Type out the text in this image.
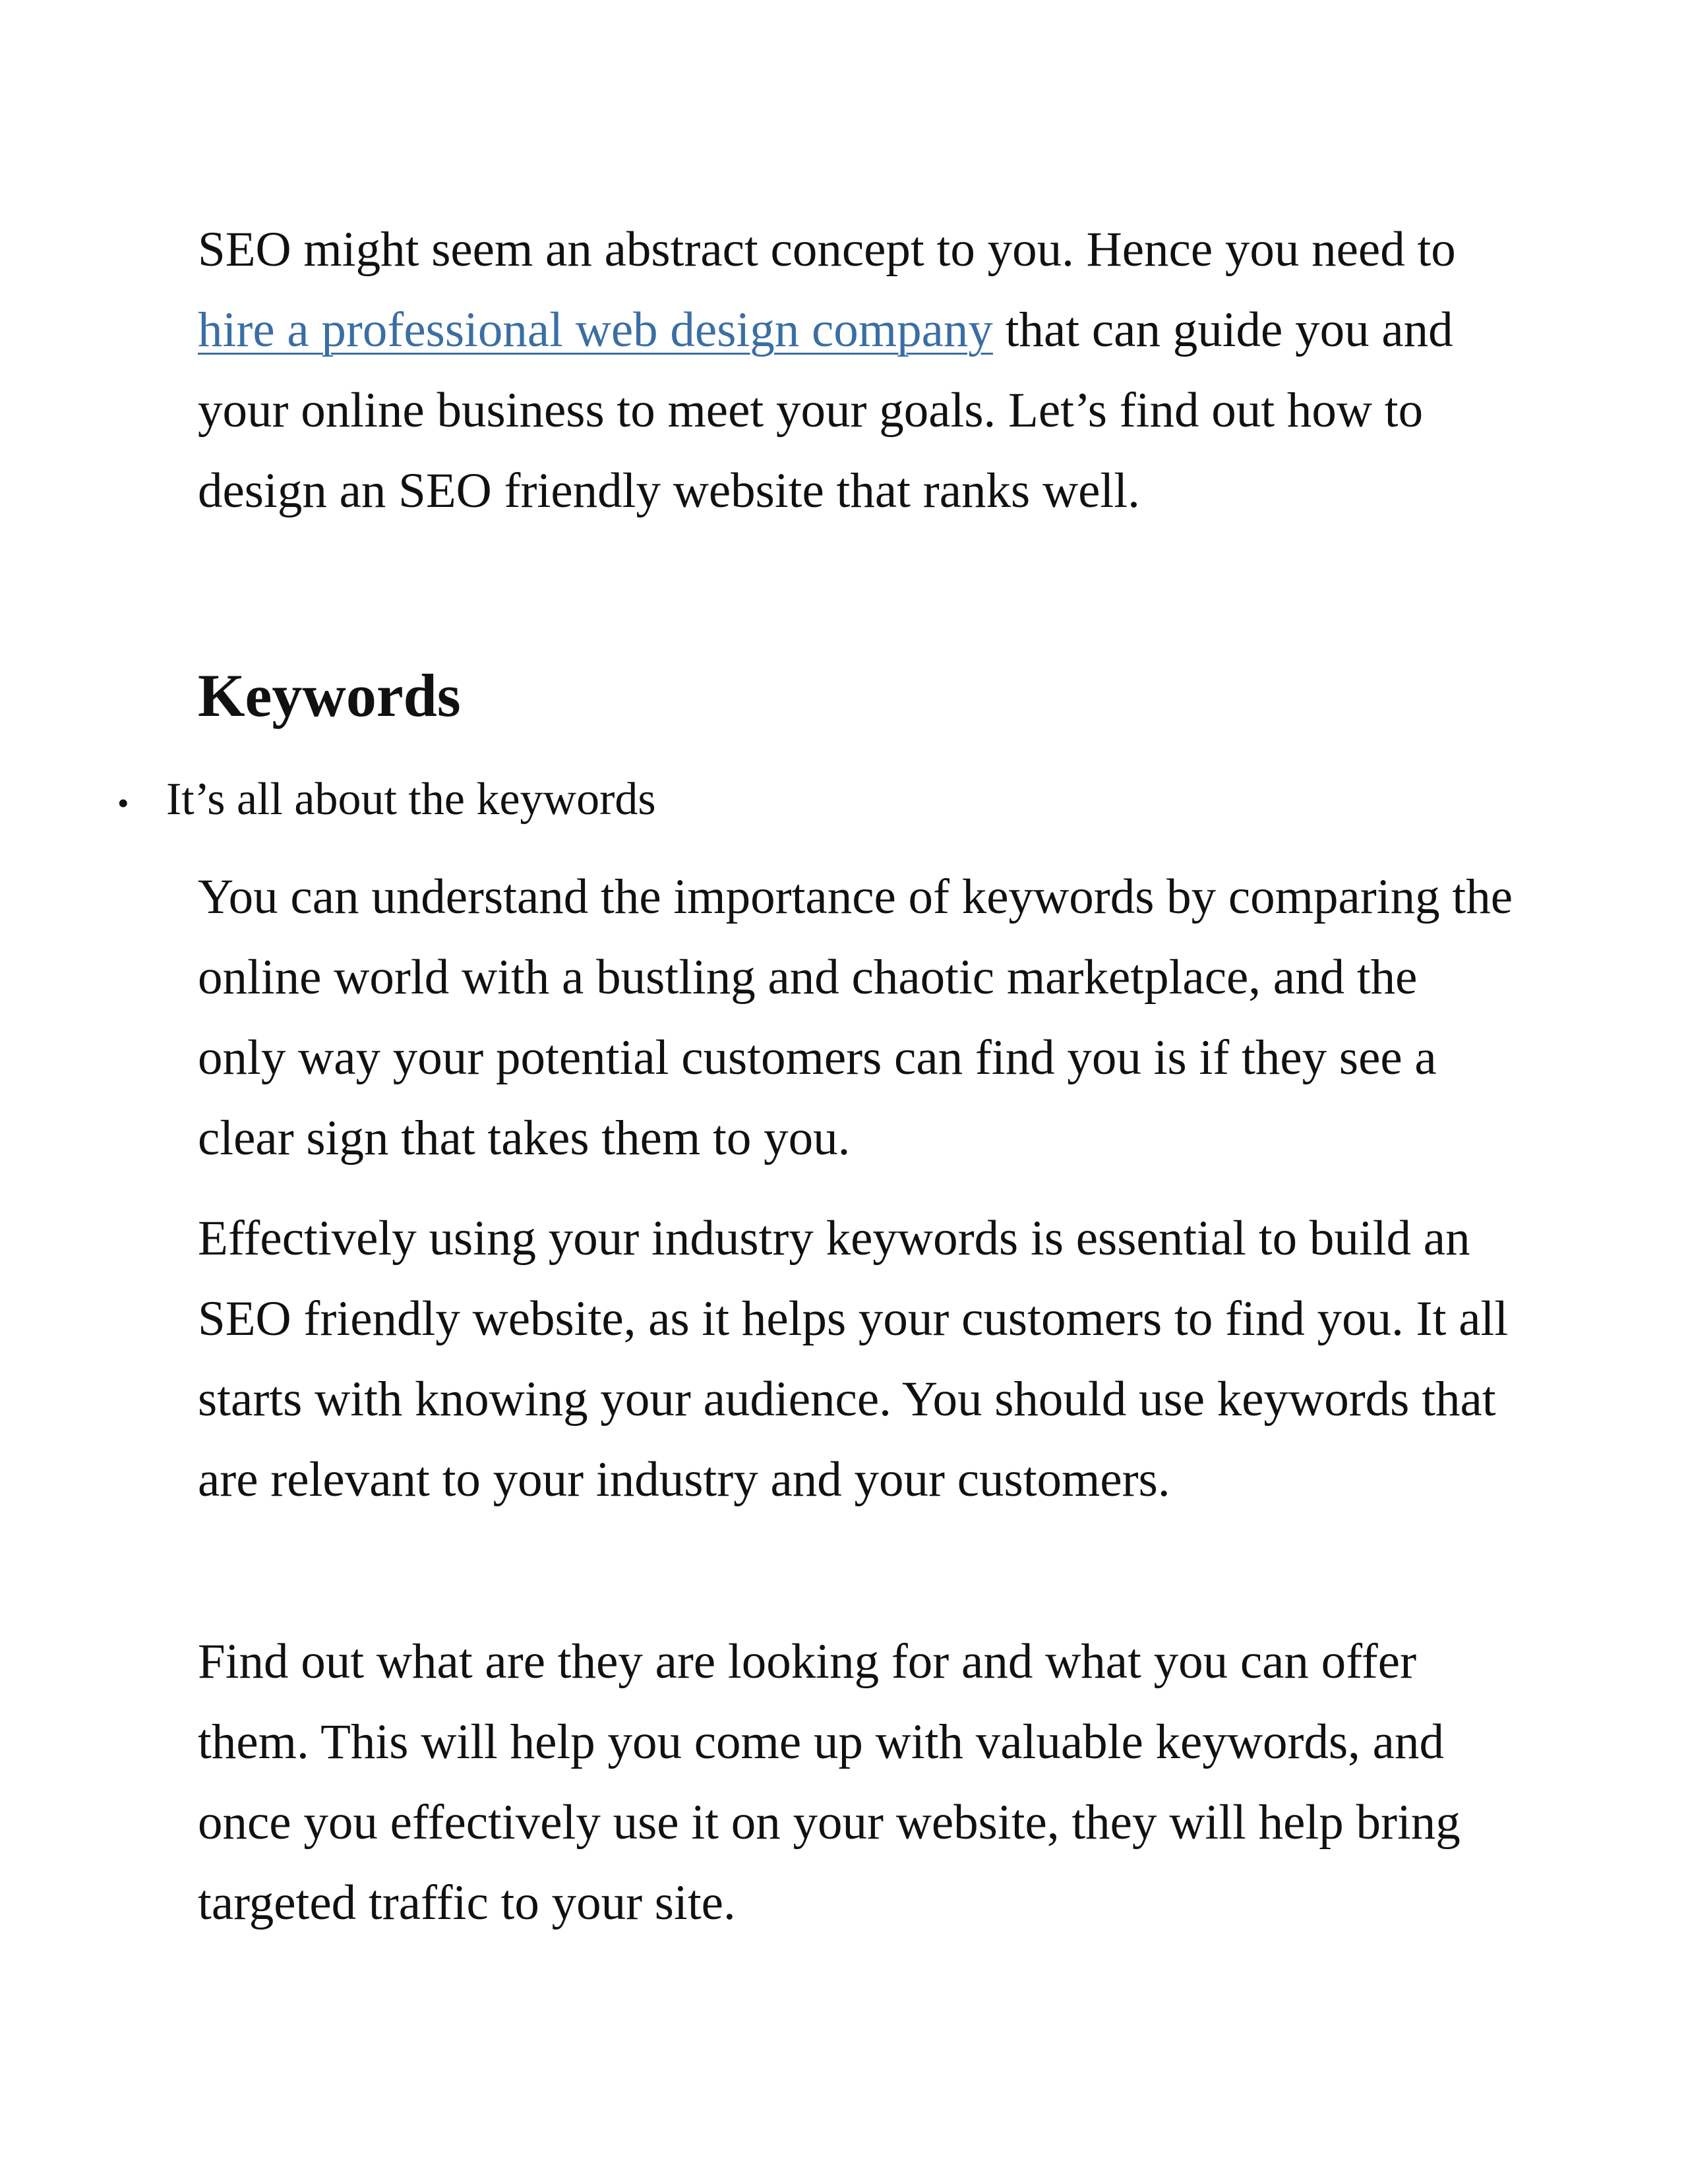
SEO might seem an abstract concept to you. Hence you need to hire a professional web design company that can guide you and your online business to meet your goals. Let’s find out how to design an SEO friendly website that ranks well.

Keywords
• It’s all about the keywords

You can understand the importance of keywords by comparing the online world with a bustling and chaotic marketplace, and the only way your potential customers can find you is if they see a clear sign that takes them to you.

Effectively using your industry keywords is essential to build an SEO friendly website, as it helps your customers to find you. It all starts with knowing your audience. You should use keywords that are relevant to your industry and your customers.

Find out what are they are looking for and what you can offer them. This will help you come up with valuable keywords, and once you effectively use it on your website, they will help bring targeted traffic to your site.
